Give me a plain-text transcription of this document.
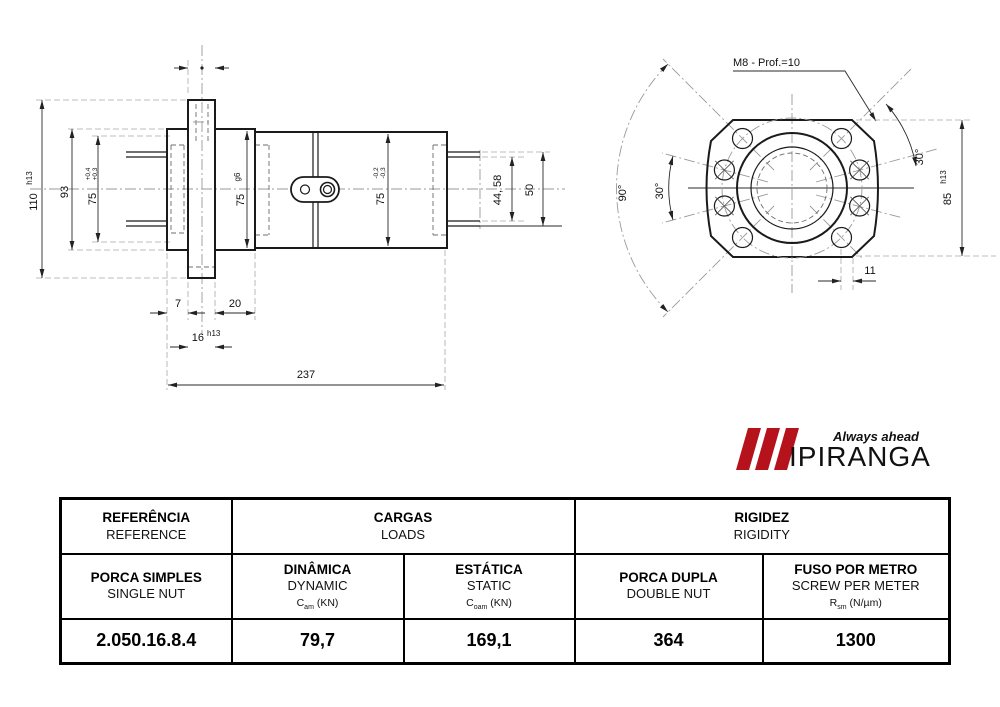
110
h13
93
75
+0,4 +0,3
75
g6
75
-0,2 -0,3
44, 58 50
7	20
16 h13
237
M8 - Prof.=10
90° 30°
30°
85
h13
11
IPIRANGA
Always ahead
REFERÊNCIA
REFERENCE

CARGAS
LOADS

RIGIDEZ
RIGIDITY

PORCA SIMPLES
SINGLE NUT

DINÂMICA
DYNAMIC
$C_{am}$ (KN)

ESTÁTICA
STATIC
$C_{oam}$ (KN)

PORCA DUPLA
DOUBLE NUT

FUSO POR METRO
SCREW PER METER
$R_{sm}$ (N/µm)

2.050.16.8.4	79,7	169,1	364	1300
